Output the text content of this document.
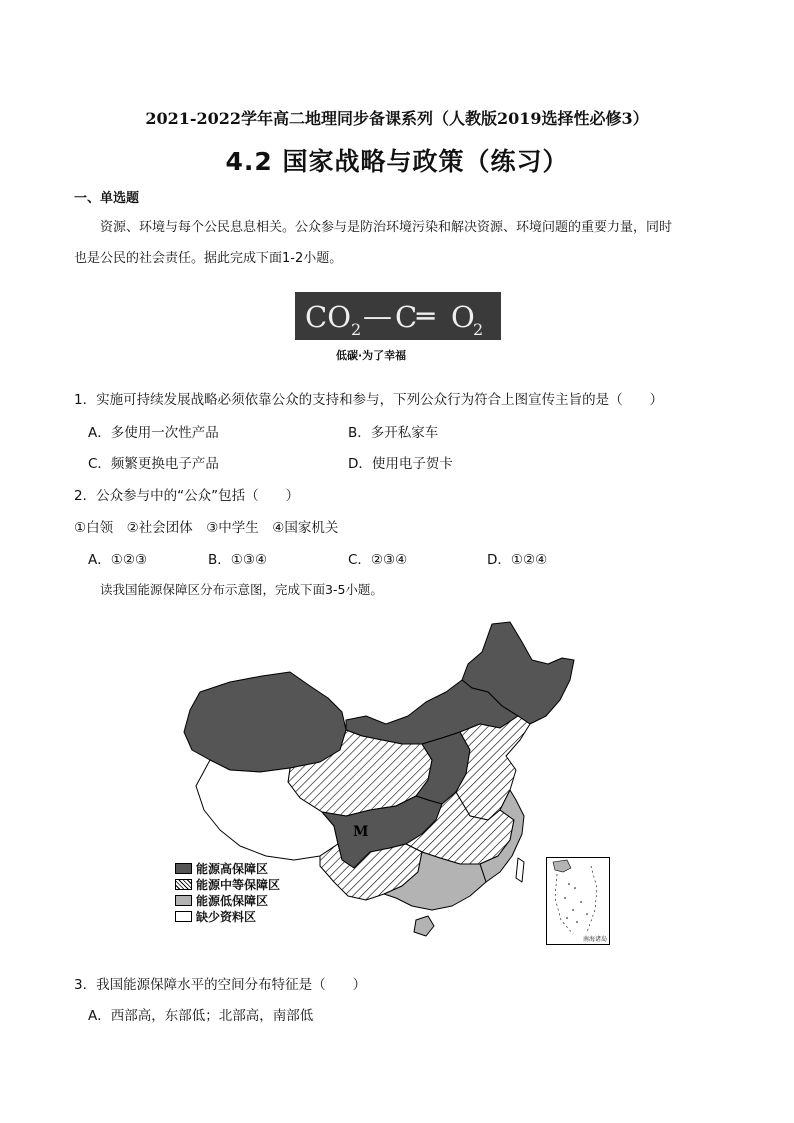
2021-2022学年高二地理同步备课系列（人教版2019选择性必修3）
4.2 国家战略与政策（练习）
一、单选题
资源、环境与每个公民息息相关。公众参与是防治环境污染和解决资源、环境问题的重要力量，同时
也是公民的社会责任。据此完成下面1-2小题。
CO 2 — C ═ O
2
低碳·为了幸福
1．实施可持续发展战略必须依靠公众的支持和参与，下列公众行为符合上图宣传主旨的是（　　）
A．多使用一次性产品	B．多开私家车
C．频繁更换电子产品	D．使用电子贺卡
2．公众参与中的“公众”包括（　　）
①白领　②社会团体　③中学生　④国家机关
A．①②③	B．①③④	C．②③④	D．①②④
读我国能源保障区分布示意图，完成下面3-5小题。
M
能源高保障区
能源中等保障区
能源低保障区
缺少资料区
南海诸岛
3．我国能源保障水平的空间分布特征是（　　）
A．西部高，东部低；北部高，南部低
